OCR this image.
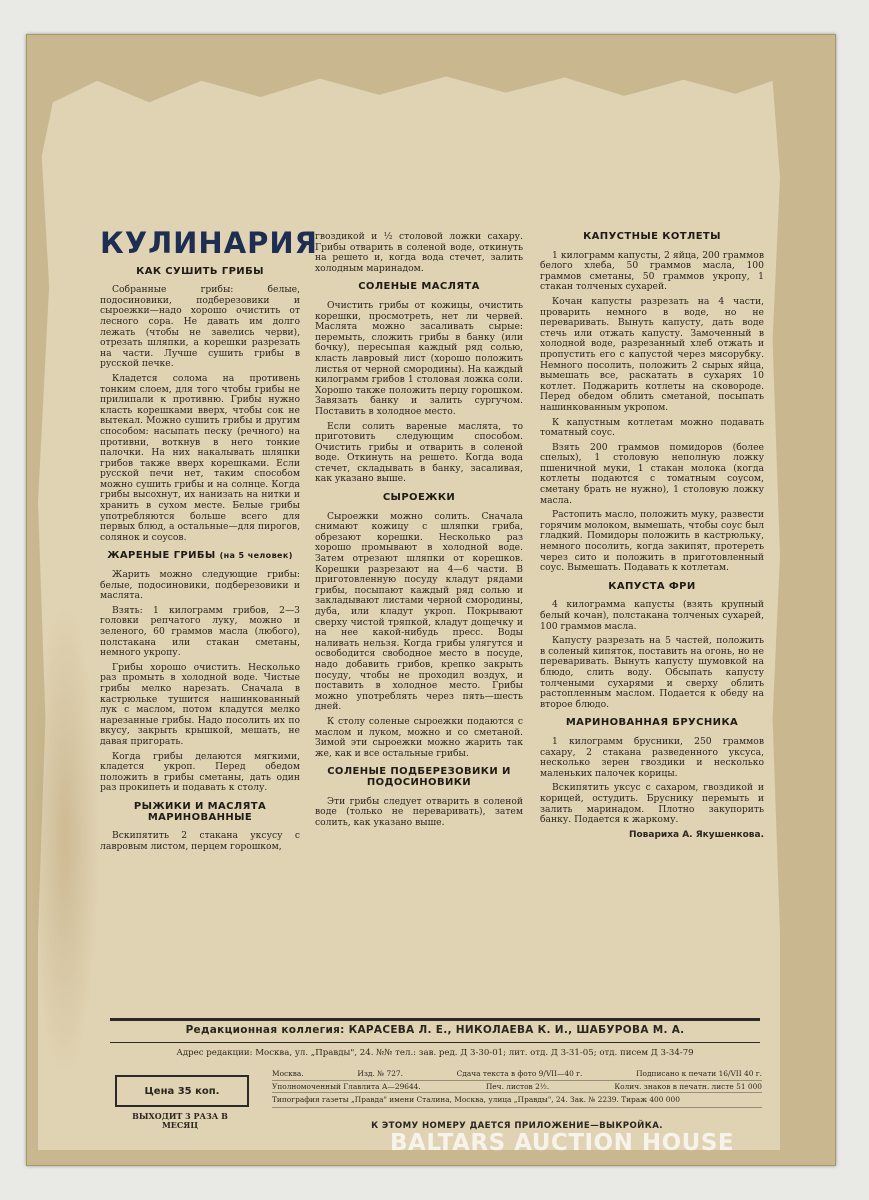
КУЛИНАРИЯ
КАК СУШИТЬ ГРИБЫ

Собранные грибы: белые, подосиновики, подберезовики и сыроежки—надо хорошо очистить от лесного сора. Не давать им долго лежать (чтобы не завелись черви), отрезать шляпки, а корешки разрезать на части. Лучше сушить грибы в русской печке.

Кладется солома на противень тонким слоем, для того чтобы грибы не прилипали к противню. Грибы нужно класть корешками вверх, чтобы сок не вытекал. Можно сушить грибы и другим способом: насыпать песку (речного) на противни, воткнув в него тонкие палочки. На них накалывать шляпки грибов также вверх корешками. Если русской печи нет, таким способом можно сушить грибы и на солнце. Когда грибы высохнут, их нанизать на нитки и хранить в сухом месте. Белые грибы употребляются больше всего для первых блюд, а остальные—для пирогов, солянок и соусов.

ЖАРЕНЫЕ ГРИБЫ (на 5 человек)

Жарить можно следующие грибы: белые, подосиновики, подберезовики и маслята.

Взять: 1 килограмм грибов, 2—3 головки репчатого луку, можно и зеленого, 60 граммов масла (любого), полстакана или стакан сметаны, немного укропу.

Грибы хорошо очистить. Несколько раз промыть в холодной воде. Чистые грибы мелко нарезать. Сначала в кастрюльке тушится нашинкованный лук с маслом, потом кладутся мелко нарезанные грибы. Надо посолить их по вкусу, закрыть крышкой, мешать, не давая пригорать.

Когда грибы делаются мягкими, кладется укроп. Перед обедом положить в грибы сметаны, дать один раз прокипеть и подавать к столу.

РЫЖИКИ И МАСЛЯТА МАРИНОВАННЫЕ

Вскипятить 2 стакана уксусу с лавровым листом, перцем горошком,

гвоздикой и ½ столовой ложки сахару. Грибы отварить в соленой воде, откинуть на решето и, когда вода стечет, залить холодным маринадом.

СОЛЕНЫЕ МАСЛЯТА

Очистить грибы от кожицы, очистить корешки, просмотреть, нет ли червей. Маслята можно засаливать сырые: перемыть, сложить грибы в банку (или бочку), пересыпая каждый ряд солью, класть лавровый лист (хорошо положить листья от черной смородины). На каждый килограмм грибов 1 столовая ложка соли. Хорошо также положить перцу горошком. Завязать банку и залить сургучом. Поставить в холодное место.

Если солить вареные маслята, то приготовить следующим способом. Очистить грибы и отварить в соленой воде. Откинуть на решето. Когда вода стечет, складывать в банку, засаливая, как указано выше.

СЫРОЕЖКИ

Сыроежки можно солить. Сначала снимают кожицу с шляпки гриба, обрезают корешки. Несколько раз хорошо промывают в холодной воде. Затем отрезают шляпки от корешков. Корешки разрезают на 4—6 части. В приготовленную посуду кладут рядами грибы, посыпают каждый ряд солью и закладывают листами черной смородины, дуба, или кладут укроп. Покрывают сверху чистой тряпкой, кладут дощечку и на нее какой-нибудь пресс. Воды наливать нельзя. Когда грибы улягутся и освободится свободное место в посуде, надо добавить грибов, крепко закрыть посуду, чтобы не проходил воздух, и поставить в холодное место. Грибы можно употреблять через пять—шесть дней.

К столу соленые сыроежки подаются с маслом и луком, можно и со сметаной. Зимой эти сыроежки можно жарить так же, как и все остальные грибы.

СОЛЕНЫЕ ПОДБЕРЕЗОВИКИ И ПОДОСИНОВИКИ

Эти грибы следует отварить в соленой воде (только не переваривать), затем солить, как указано выше.

КАПУСТНЫЕ КОТЛЕТЫ

1 килограмм капусты, 2 яйца, 200 граммов белого хлеба, 50 граммов масла, 100 граммов сметаны, 50 граммов укропу, 1 стакан толченых сухарей.

Кочан капусты разрезать на 4 части, проварить немного в воде, но не переваривать. Вынуть капусту, дать воде стечь или отжать капусту. Замоченный в холодной воде, разрезанный хлеб отжать и пропустить его с капустой через мясорубку. Немного посолить, положить 2 сырых яйца, вымешать все, раскатать в сухарях 10 котлет. Поджарить котлеты на сковороде. Перед обедом облить сметаной, посыпать нашинкованным укропом.

К капустным котлетам можно подавать томатный соус.

Взять 200 граммов помидоров (более спелых), 1 столовую неполную ложку пшеничной муки, 1 стакан молока (когда котлеты подаются с томатным соусом, сметану брать не нужно), 1 столовую ложку масла.

Растопить масло, положить муку, развести горячим молоком, вымешать, чтобы соус был гладкий. Помидоры положить в кастрюльку, немного посолить, когда закипят, протереть через сито и положить в приготовленный соус. Вымешать. Подавать к котлетам.

КАПУСТА ФРИ

4 килограмма капусты (взять крупный белый кочан), полстакана толченых сухарей, 100 граммов масла.

Капусту разрезать на 5 частей, положить в соленый кипяток, поставить на огонь, но не переваривать. Вынуть капусту шумовкой на блюдо, слить воду. Обсыпать капусту толчеными сухарями и сверху облить растопленным маслом. Подается к обеду на второе блюдо.

МАРИНОВАННАЯ БРУСНИКА

1 килограмм брусники, 250 граммов сахару, 2 стакана разведенного уксуса, несколько зерен гвоздики и несколько маленьких палочек корицы.

Вскипятить уксус с сахаром, гвоздикой и корицей, остудить. Бруснику перемыть и залить маринадом. Плотно закупорить банку. Подается к жаркому.

Повариха А. Якушенкова.
Редакционная коллегия: КАРАСЕВА Л. Е., НИКОЛАЕВА К. И., ШАБУРОВА М. А.
Адрес редакции: Москва, ул. „Правды", 24. №№ тел.: зав. ред. Д 3-30-01; лит. отд. Д 3-31-05; отд. писем Д 3-34-79
Цена 35 коп.
ВЫХОДИТ 3 РАЗА В МЕСЯЦ
Москва.	Изд. № 727.	Сдача текста в фото 9/VII—40 г.	Подписано к печати 16/VII 40 г.
Уполномоченный Главлита А—29644.	Печ. листов 2½.	Колич. знаков в печатн. листе 51 000
Типография газеты „Правда" имени Сталина, Москва, улица „Правды", 24. Зак. № 2239. Тираж 400 000
К ЭТОМУ НОМЕРУ ДАЕТСЯ ПРИЛОЖЕНИЕ—ВЫКРОЙКА.
BALTARS AUCTION HOUSE
